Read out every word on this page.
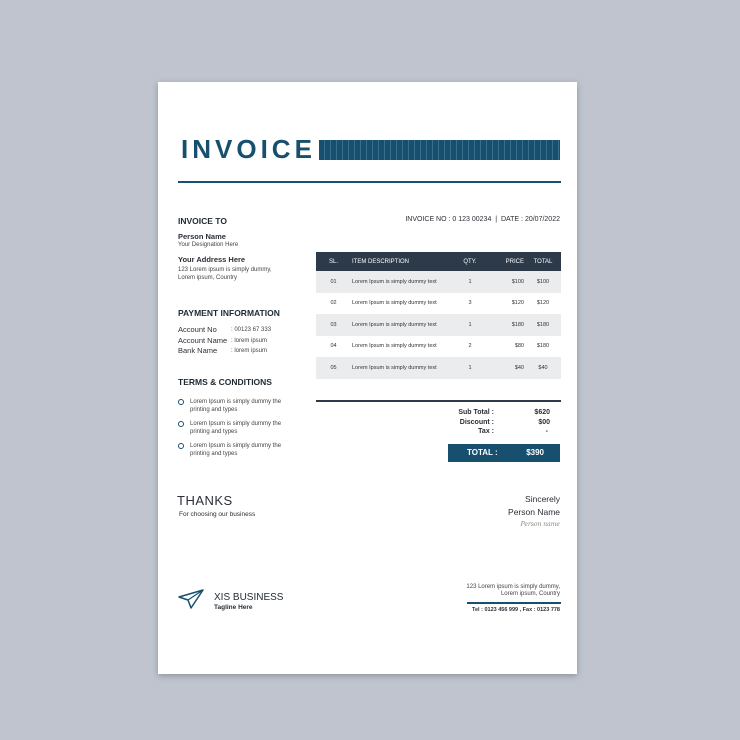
INVOICE
INVOICE TO
Person Name
Your Designation Here
Your Address Here
123 Lorem ipsum is simply dummy,
Lorem ipsum, Country
PAYMENT INFORMATION
Account No : 00123 67 333
Account Name : lorem ipsum
Bank Name : lorem ipsum
TERMS & CONDITIONS
Lorem Ipsum is simply dummy the
printing and types
Lorem Ipsum is simply dummy the
printing and types
Lorem Ipsum is simply dummy the
printing and types
INVOICE NO : 0 123 00234 | DATE : 20/07/2022
SL.	ITEM DESCRIPTION	QTY.	PRICE	TOTAL
01	Lorem Ipsum is simply dummy text	1	$100	$100
02	Lorem Ipsum is simply dummy text	3	$120	$120
03	Lorem Ipsum is simply dummy text	1	$180	$180
04	Lorem Ipsum is simply dummy text	2	$80	$180
05	Lorem Ipsum is simply dummy text	1	$40	$40
Sub Total :	$620
Discount :	$00
Tax :	-
TOTAL :	$390
THANKS
For choosing our business
Sincerely
Person Name
Person name
XIS BUSINESS
Tagline Here
123 Lorem ipsum is simply dummy,
Lorem ipsum, Country
Tel : 0123 456 999 , Fax : 0123 778
